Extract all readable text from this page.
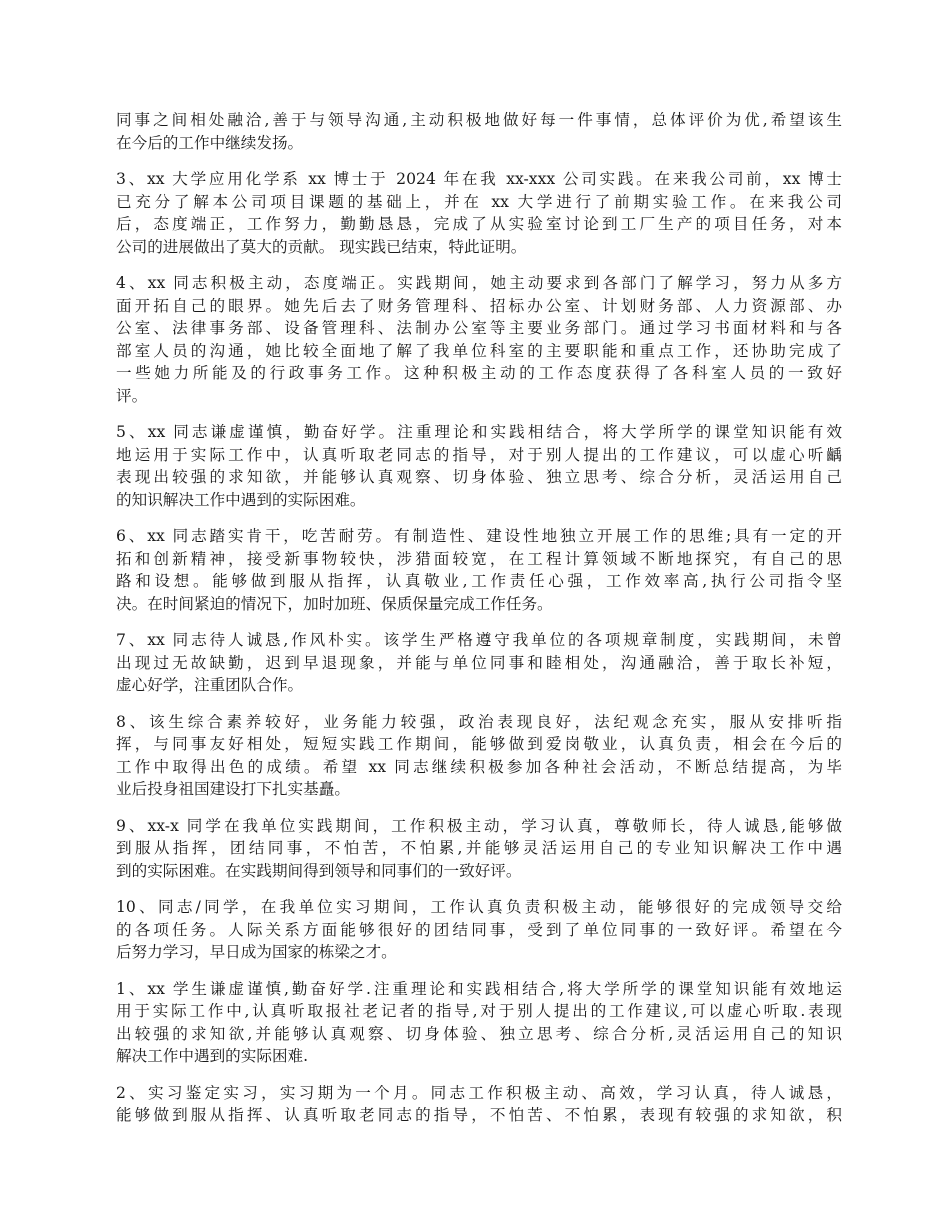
同事之间相处融洽,善于与领导沟通,主动积极地做好每一件事情，总体评价为优,希望该生
在今后的工作中继续发扬。

3、xx 大学应用化学系 xx 博士于 2024 年在我 xx-xxx 公司实践。在来我公司前，xx 博士
已充分了解本公司项目课题的基础上，并在 xx 大学进行了前期实验工作。在来我公司
后，态度端正，工作努力，勤勤恳恳，完成了从实验室讨论到工厂生产的项目任务，对本
公司的进展做出了莫大的贡献。 现实践已结束，特此证明。

4、xx 同志积极主动，态度端正。实践期间，她主动要求到各部门了解学习，努力从多方
面开拓自己的眼界。她先后去了财务管理科、招标办公室、计划财务部、人力资源部、办
公室、法律事务部、设备管理科、法制办公室等主要业务部门。通过学习书面材料和与各
部室人员的沟通，她比较全面地了解了我单位科室的主要职能和重点工作，还协助完成了
一些她力所能及的行政事务工作。这种积极主动的工作态度获得了各科室人员的一致好
评。

5、xx 同志谦虚谨慎，勤奋好学。注重理论和实践相结合，将大学所学的课堂知识能有效
地运用于实际工作中，认真听取老同志的指导，对于别人提出的工作建议，可以虚心听齲
表现出较强的求知欲，并能够认真观察、切身体验、独立思考、综合分析，灵活运用自己
的知识解决工作中遇到的实际困难。

6、xx 同志踏实肯干，吃苦耐劳。有制造性、建设性地独立开展工作的思维;具有一定的开
拓和创新精神，接受新事物较快，涉猎面较宽，在工程计算领域不断地探究，有自己的思
路和设想。能够做到服从指挥，认真敬业,工作责任心强，工作效率高,执行公司指令坚
决。在时间紧迫的情况下，加时加班、保质保量完成工作任务。

7、xx 同志待人诚恳,作风朴实。该学生严格遵守我单位的各项规章制度，实践期间，未曾
出现过无故缺勤，迟到早退现象，并能与单位同事和睦相处，沟通融洽，善于取长补短，
虚心好学，注重团队合作。

8、该生综合素养较好，业务能力较强，政治表现良好，法纪观念充实，服从安排听指
挥，与同事友好相处，短短实践工作期间，能够做到爱岗敬业，认真负责，相会在今后的
工作中取得出色的成绩。希望 xx 同志继续积极参加各种社会活动，不断总结提高，为毕
业后投身祖国建设打下扎实基矗。

9、xx-x 同学在我单位实践期间，工作积极主动，学习认真，尊敬师长，待人诚恳,能够做
到服从指挥，团结同事，不怕苦，不怕累,并能够灵活运用自己的专业知识解决工作中遇
到的实际困难。在实践期间得到领导和同事们的一致好评。

10、同志/同学，在我单位实习期间，工作认真负责积极主动，能够很好的完成领导交给
的各项任务。人际关系方面能够很好的团结同事，受到了单位同事的一致好评。希望在今
后努力学习，早日成为国家的栋梁之才。

1、xx 学生谦虚谨慎,勤奋好学.注重理论和实践相结合,将大学所学的课堂知识能有效地运
用于实际工作中,认真听取报社老记者的指导,对于别人提出的工作建议,可以虚心听取.表现
出较强的求知欲,并能够认真观察、切身体验、独立思考、综合分析,灵活运用自己的知识
解决工作中遇到的实际困难.

2、实习鉴定实习，实习期为一个月。同志工作积极主动、高效，学习认真，待人诚恳，
能够做到服从指挥、认真听取老同志的指导，不怕苦、不怕累，表现有较强的求知欲，积
